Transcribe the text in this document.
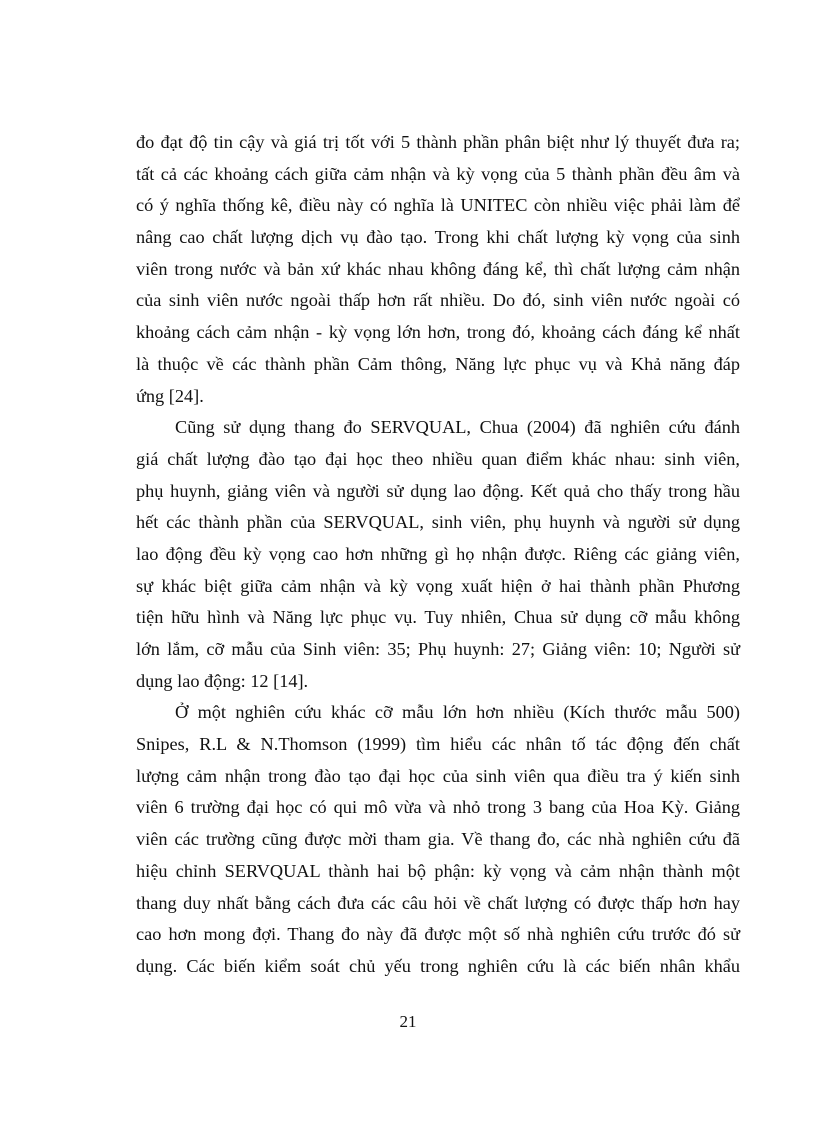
đo đạt độ tin cậy và giá trị tốt với 5 thành phần phân biệt như lý thuyết đưa ra;
tất cả các khoảng cách giữa cảm nhận và kỳ vọng của 5 thành phần đều âm và
có ý nghĩa thống kê, điều này có nghĩa là UNITEC còn nhiều việc phải làm để
nâng cao chất lượng dịch vụ đào tạo. Trong khi chất lượng kỳ vọng của sinh
viên trong nước và bản xứ khác nhau không đáng kể, thì chất lượng cảm nhận
của sinh viên nước ngoài thấp hơn rất nhiều. Do đó, sinh viên nước ngoài có
khoảng cách cảm nhận - kỳ vọng lớn hơn, trong đó, khoảng cách đáng kể nhất
là thuộc về các thành phần Cảm thông, Năng lực phục vụ và Khả năng đáp
ứng [24].
Cũng sử dụng thang đo SERVQUAL, Chua (2004) đã nghiên cứu đánh
giá chất lượng đào tạo đại học theo nhiều quan điểm khác nhau: sinh viên,
phụ huynh, giảng viên và người sử dụng lao động. Kết quả cho thấy trong hầu
hết các thành phần của SERVQUAL, sinh viên, phụ huynh và người sử dụng
lao động đều kỳ vọng cao hơn những gì họ nhận được. Riêng các giảng viên,
sự khác biệt giữa cảm nhận và kỳ vọng xuất hiện ở hai thành phần Phương
tiện hữu hình và Năng lực phục vụ. Tuy nhiên, Chua sử dụng cỡ mẫu không
lớn lắm, cỡ mẫu của Sinh viên: 35; Phụ huynh: 27; Giảng viên: 10; Người sử
dụng lao động: 12 [14].
Ở một nghiên cứu khác cỡ mẫu lớn hơn nhiều (Kích thước mẫu 500)
Snipes, R.L & N.Thomson (1999) tìm hiểu các nhân tố tác động đến chất
lượng cảm nhận trong đào tạo đại học của sinh viên qua điều tra ý kiến sinh
viên 6 trường đại học có qui mô vừa và nhỏ trong 3 bang của Hoa Kỳ. Giảng
viên các trường cũng được mời tham gia. Về thang đo, các nhà nghiên cứu đã
hiệu chỉnh SERVQUAL thành hai bộ phận: kỳ vọng và cảm nhận thành một
thang duy nhất bằng cách đưa các câu hỏi về chất lượng có được thấp hơn hay
cao hơn mong đợi. Thang đo này đã được một số nhà nghiên cứu trước đó sử
dụng. Các biến kiểm soát chủ yếu trong nghiên cứu là các biến nhân khẩu
21
